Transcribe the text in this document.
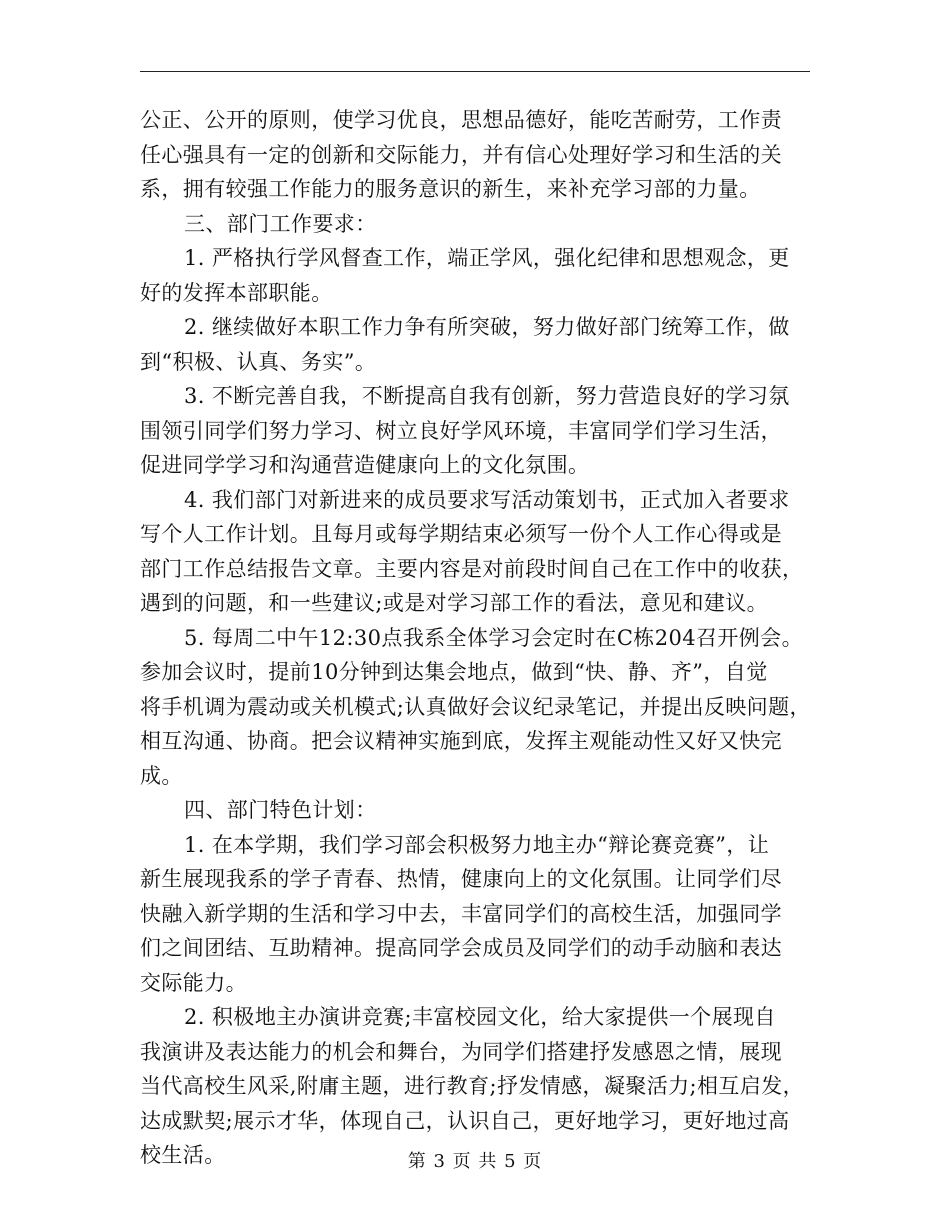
公正、公开的原则，使学习优良，思想品德好，能吃苦耐劳，工作责
任心强具有一定的创新和交际能力，并有信心处理好学习和生活的关
系，拥有较强工作能力的服务意识的新生，来补充学习部的力量。
三、部门工作要求：
1. 严格执行学风督查工作，端正学风，强化纪律和思想观念，更
好的发挥本部职能。
2. 继续做好本职工作力争有所突破，努力做好部门统筹工作，做
到“积极、认真、务实”。
3. 不断完善自我，不断提高自我有创新，努力营造良好的学习氛
围领引同学们努力学习、树立良好学风环境，丰富同学们学习生活，
促进同学学习和沟通营造健康向上的文化氛围。
4. 我们部门对新进来的成员要求写活动策划书，正式加入者要求
写个人工作计划。且每月或每学期结束必须写一份个人工作心得或是
部门工作总结报告文章。主要内容是对前段时间自己在工作中的收获，
遇到的问题，和一些建议;或是对学习部工作的看法，意见和建议。
5. 每周二中午12:30点我系全体学习会定时在C栋204召开例会。
参加会议时，提前10分钟到达集会地点，做到“快、静、齐”，自觉
将手机调为震动或关机模式;认真做好会议纪录笔记，并提出反映问题，
相互沟通、协商。把会议精神实施到底，发挥主观能动性又好又快完
成。
四、部门特色计划：
1. 在本学期，我们学习部会积极努力地主办“辩论赛竞赛”，让
新生展现我系的学子青春、热情，健康向上的文化氛围。让同学们尽
快融入新学期的生活和学习中去，丰富同学们的高校生活，加强同学
们之间团结、互助精神。提高同学会成员及同学们的动手动脑和表达
交际能力。
2. 积极地主办演讲竞赛;丰富校园文化，给大家提供一个展现自
我演讲及表达能力的机会和舞台，为同学们搭建抒发感恩之情，展现
当代高校生风采,附庸主题，进行教育;抒发情感，凝聚活力;相互启发，
达成默契;展示才华，体现自己，认识自己，更好地学习，更好地过高
校生活。	第 3 页 共 5 页
